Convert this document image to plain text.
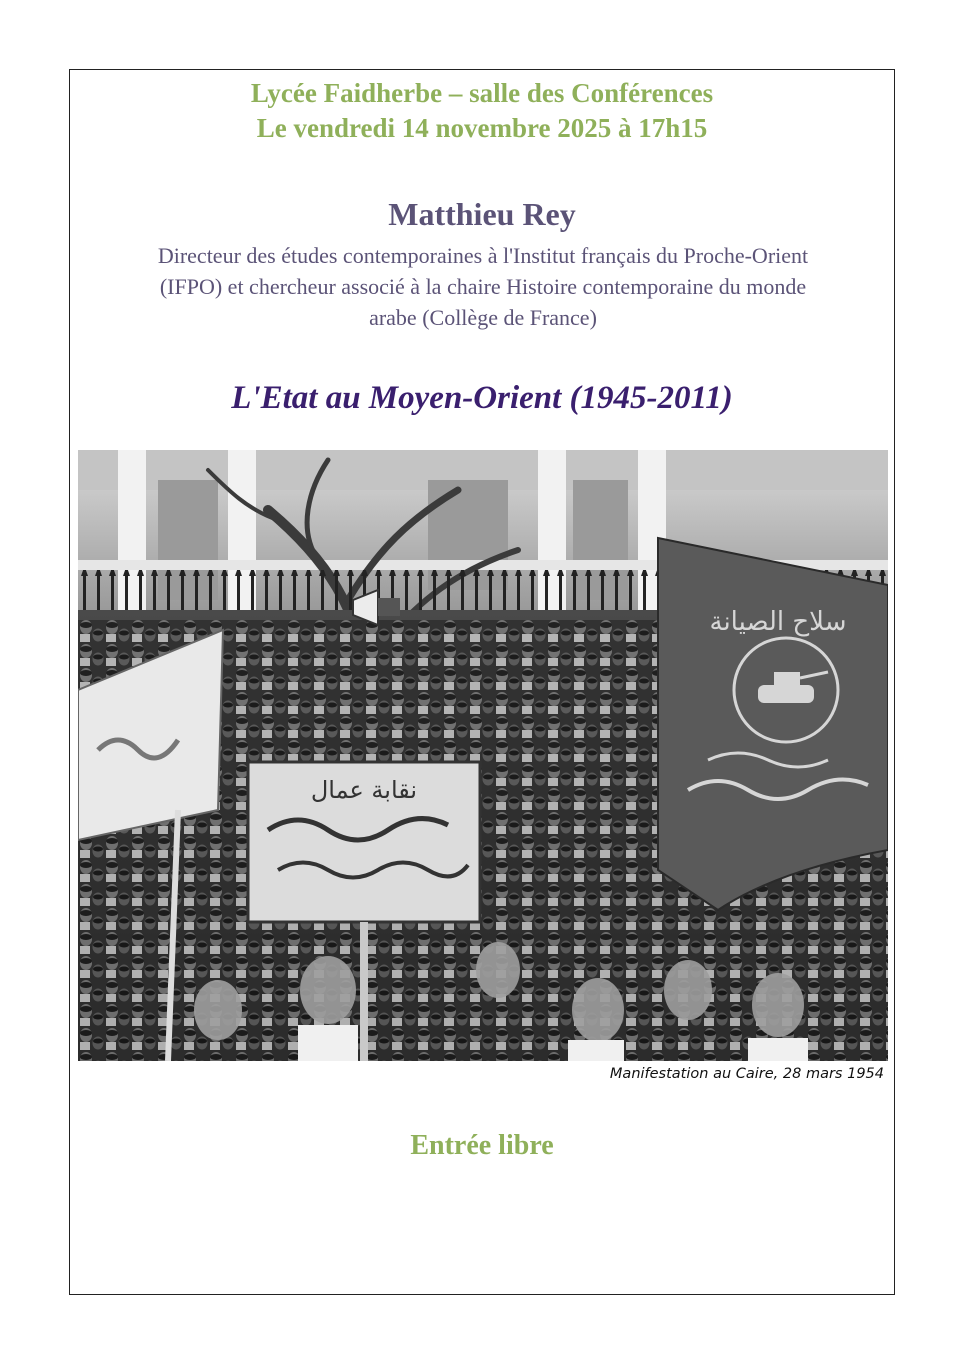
Lycée Faidherbe – salle des Conférences
Le vendredi 14 novembre 2025 à 17h15
Matthieu Rey
Directeur des études contemporaines à l'Institut français du Proche-Orient
(IFPO) et chercheur associé à la chaire Histoire contemporaine du monde
arabe (Collège de France)
L'Etat au Moyen-Orient (1945-2011)
نقابة عمال
سلاح الصيانة
Manifestation au Caire, 28 mars 1954
Entrée libre
